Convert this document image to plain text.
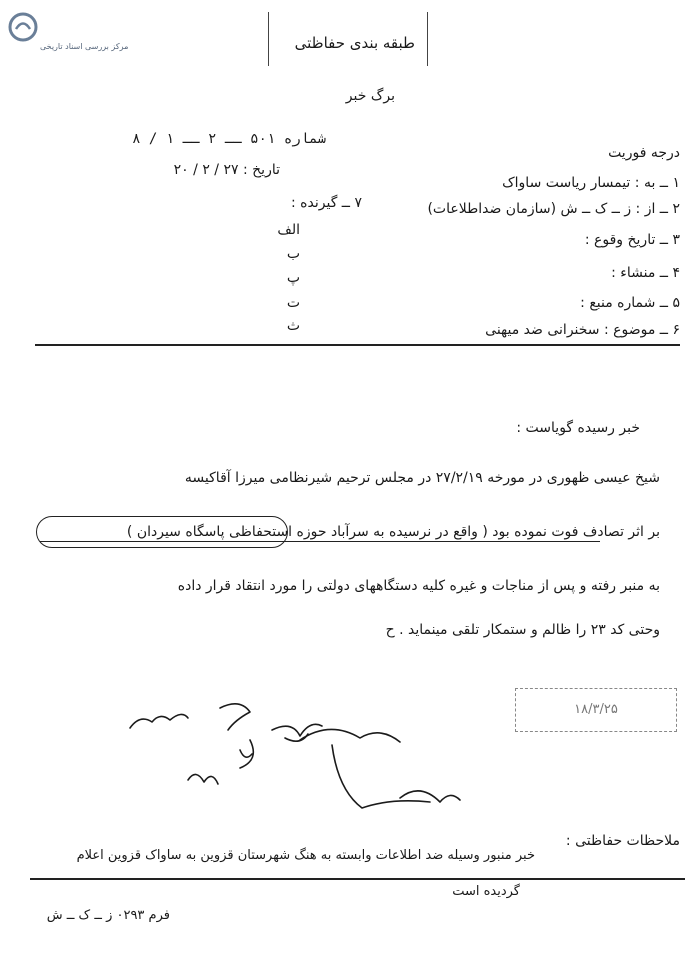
مرکز بررسی اسناد تاریخی	طبقه بندی حفاظتی
برگ خبر
شماره ۵۰۱ ــ ۲ ــ ۱ / ۸
تاریخ : ۲۷ / ۲ / ۲۰
درجه فوریت
۱ ــ به : تیمسار ریاست ساواک
۲ ــ از : ز ــ ک ــ ش (سازمان ضداطلاعات)
۳ ــ تاریخ وقوع :
۴ ــ منشاء :
۵ ــ شماره منبع :
۶ ــ موضوع : سخنرانی ضد میهنی
۷ ــ گیرنده :
الف
ب
پ
ت
ث
خبر رسیده گویاست :
شیخ عیسی ظهوری در مورخه ۲۷/۲/۱۹ در مجلس ترحیم شیرنظامی میرزا آقاکیسه
بر اثر تصادف فوت نموده بود ( واقع در نرسیده به سرآباد حوزه استحفاظی پاسگاه سیردان )
به منبر رفته و پس از مناجات و غیره کلیه دستگاههای دولتی را مورد انتقاد قرار داده
وحتی کد ۲۳ را ظالم و ستمکار تلقی مینماید . ح
۱۸/۳/۲۵
ملاحظات حفاظتی :
خبر منبور وسیله ضد اطلاعات وابسته به هنگ شهرستان قزوین به ساواک قزوین اعلام
گردیده است
فرم ۰۲۹۳ ز ــ ک ــ ش
